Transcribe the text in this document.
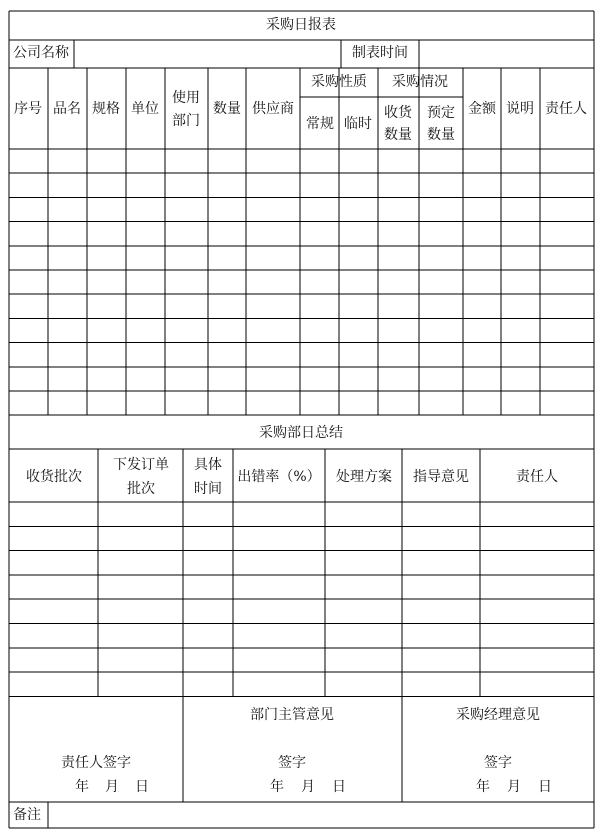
采购日报表
公司名称	制表时间
序号 品名 规格 单位
使用
部门
数量 供应商
采购性质
常规 临时
采购情况
收货
数量
预定
数量
金额 说明 责任人
采购部日总结
收货批次
下发订单
批次
具体
时间
出错率（%） 处理方案 指导意见	责任人
备注
